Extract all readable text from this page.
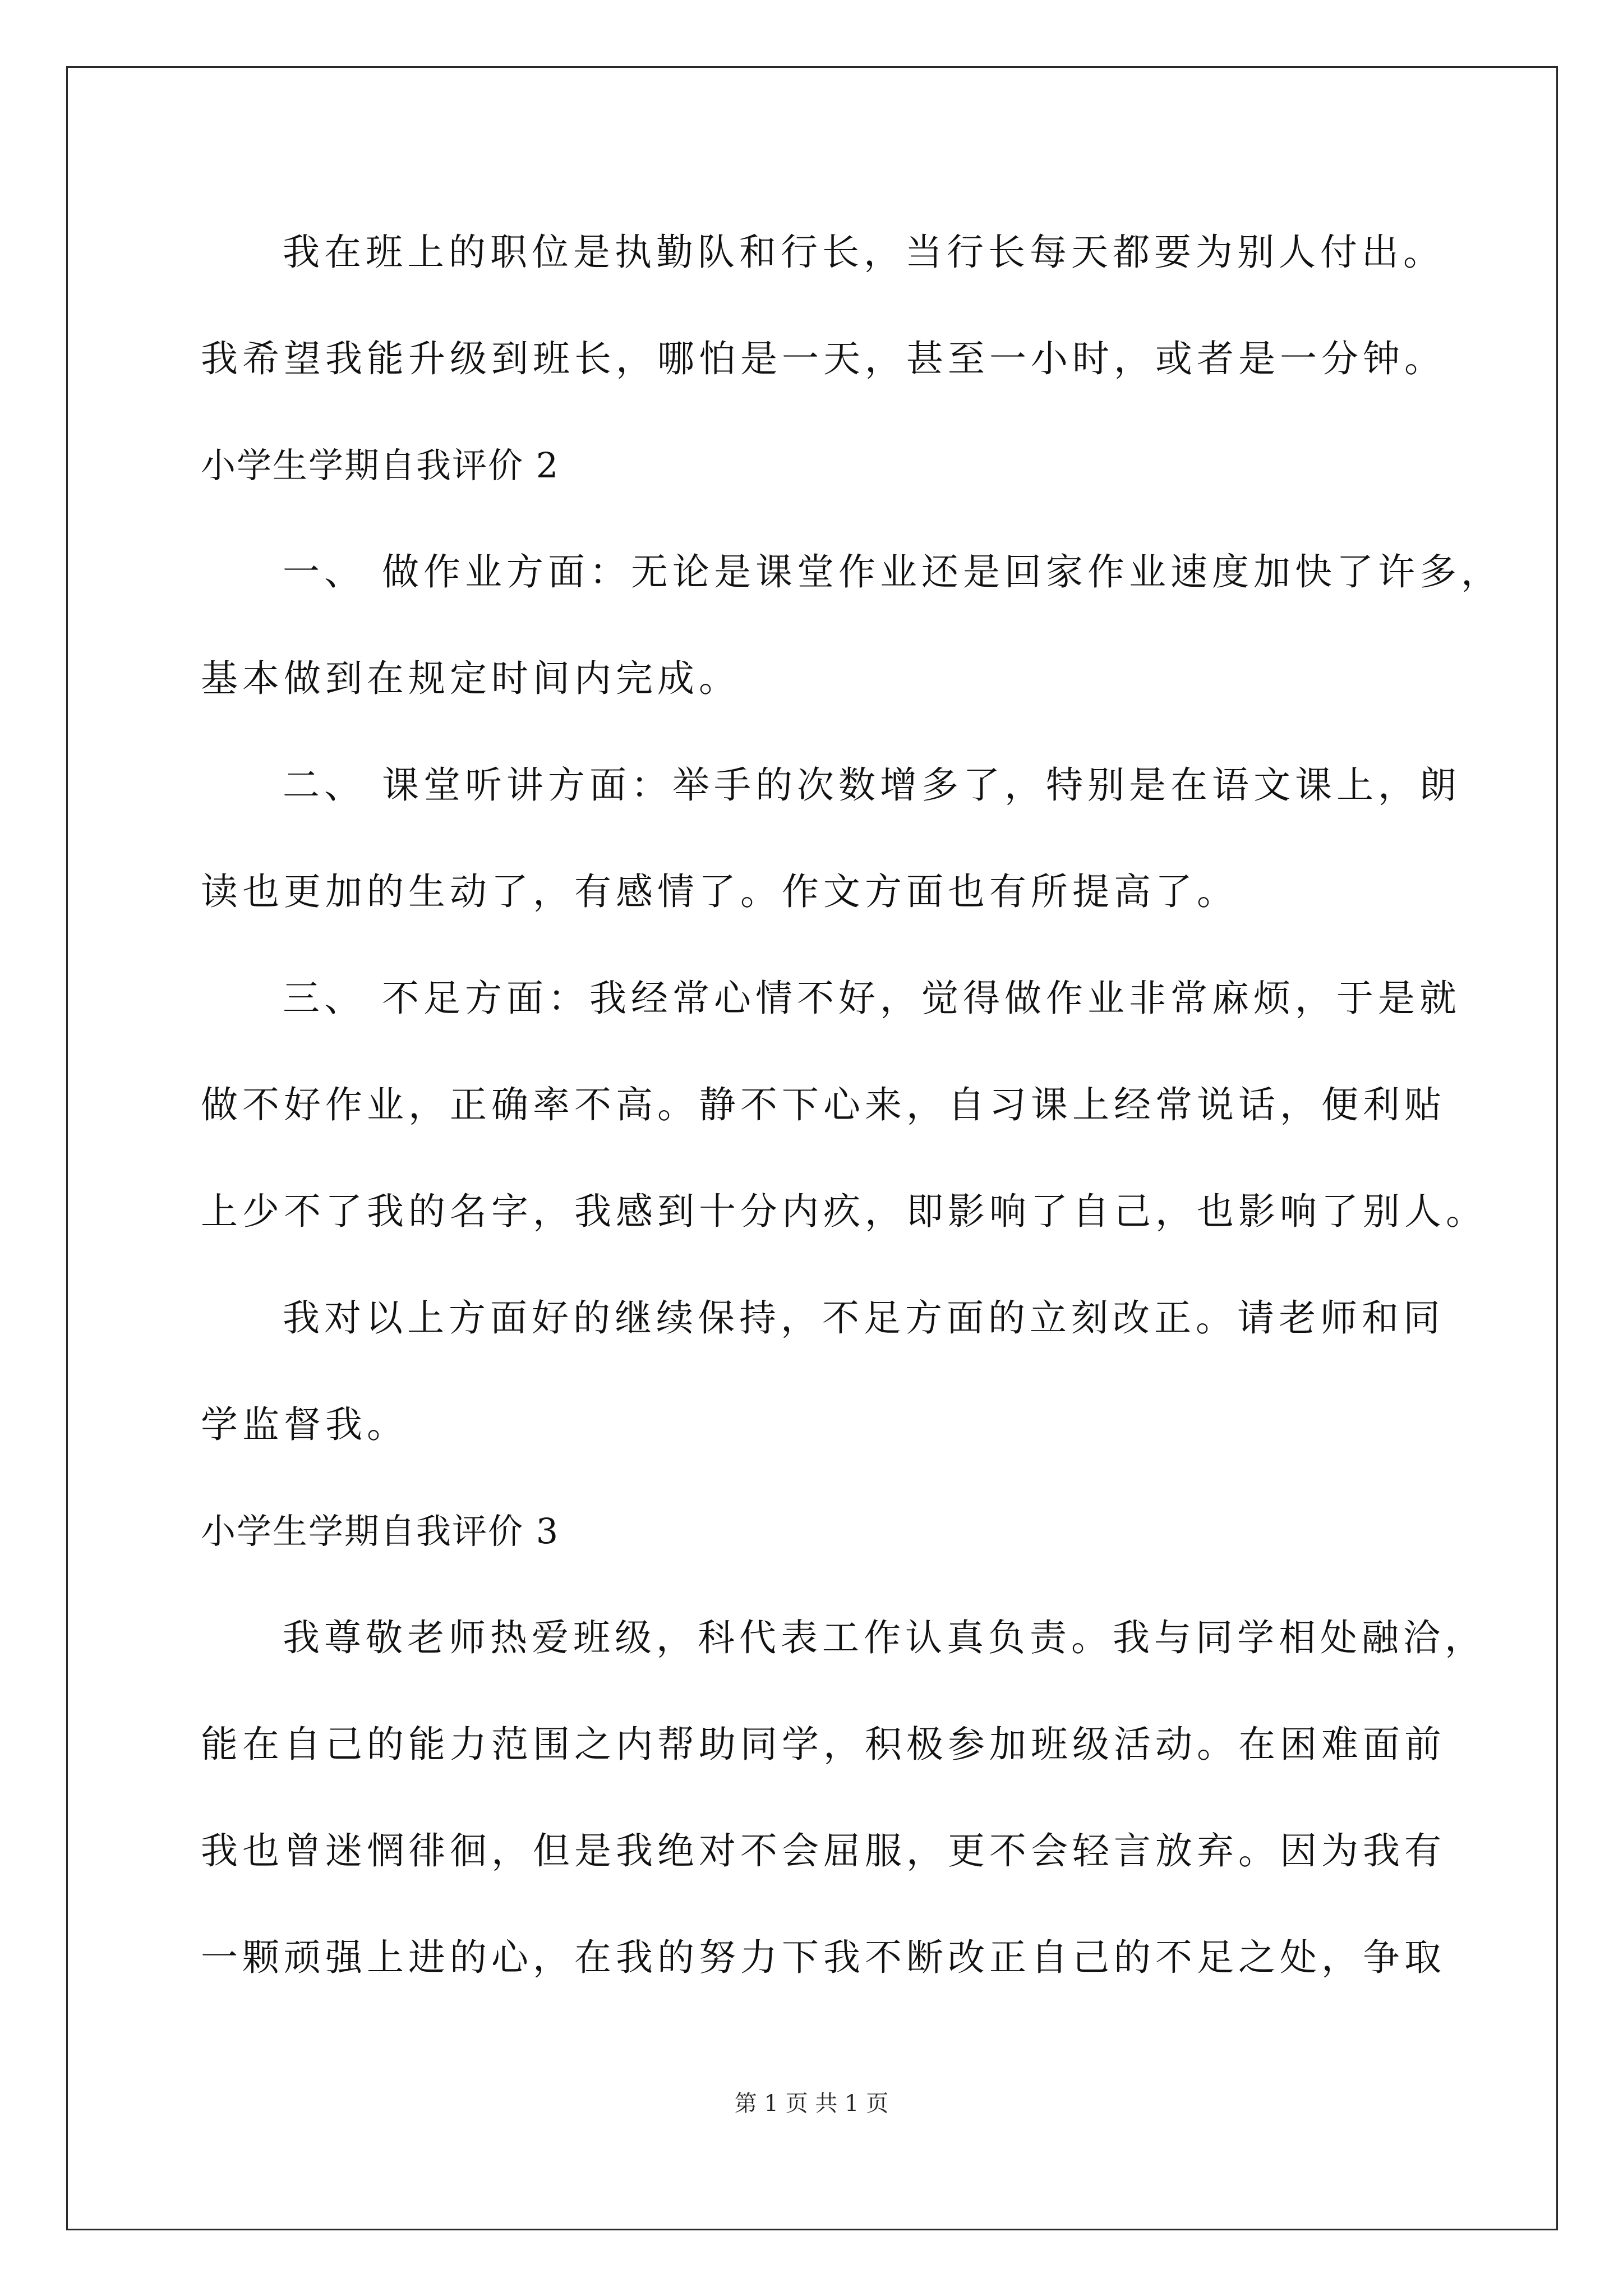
我在班上的职位是执勤队和行长，当行长每天都要为别人付出。
我希望我能升级到班长，哪怕是一天，甚至一小时，或者是一分钟。
小学生学期自我评价 2
一、 做作业方面：无论是课堂作业还是回家作业速度加快了许多，
基本做到在规定时间内完成。
二、 课堂听讲方面：举手的次数增多了，特别是在语文课上，朗
读也更加的生动了，有感情了。作文方面也有所提高了。
三、 不足方面：我经常心情不好，觉得做作业非常麻烦，于是就
做不好作业，正确率不高。静不下心来，自习课上经常说话，便利贴
上少不了我的名字，我感到十分内疚，即影响了自己，也影响了别人。
我对以上方面好的继续保持，不足方面的立刻改正。请老师和同
学监督我。
小学生学期自我评价 3
我尊敬老师热爱班级，科代表工作认真负责。我与同学相处融洽，
能在自己的能力范围之内帮助同学，积极参加班级活动。在困难面前
我也曾迷惘徘徊，但是我绝对不会屈服，更不会轻言放弃。因为我有
一颗顽强上进的心，在我的努力下我不断改正自己的不足之处，争取
第 1 页 共 1 页
